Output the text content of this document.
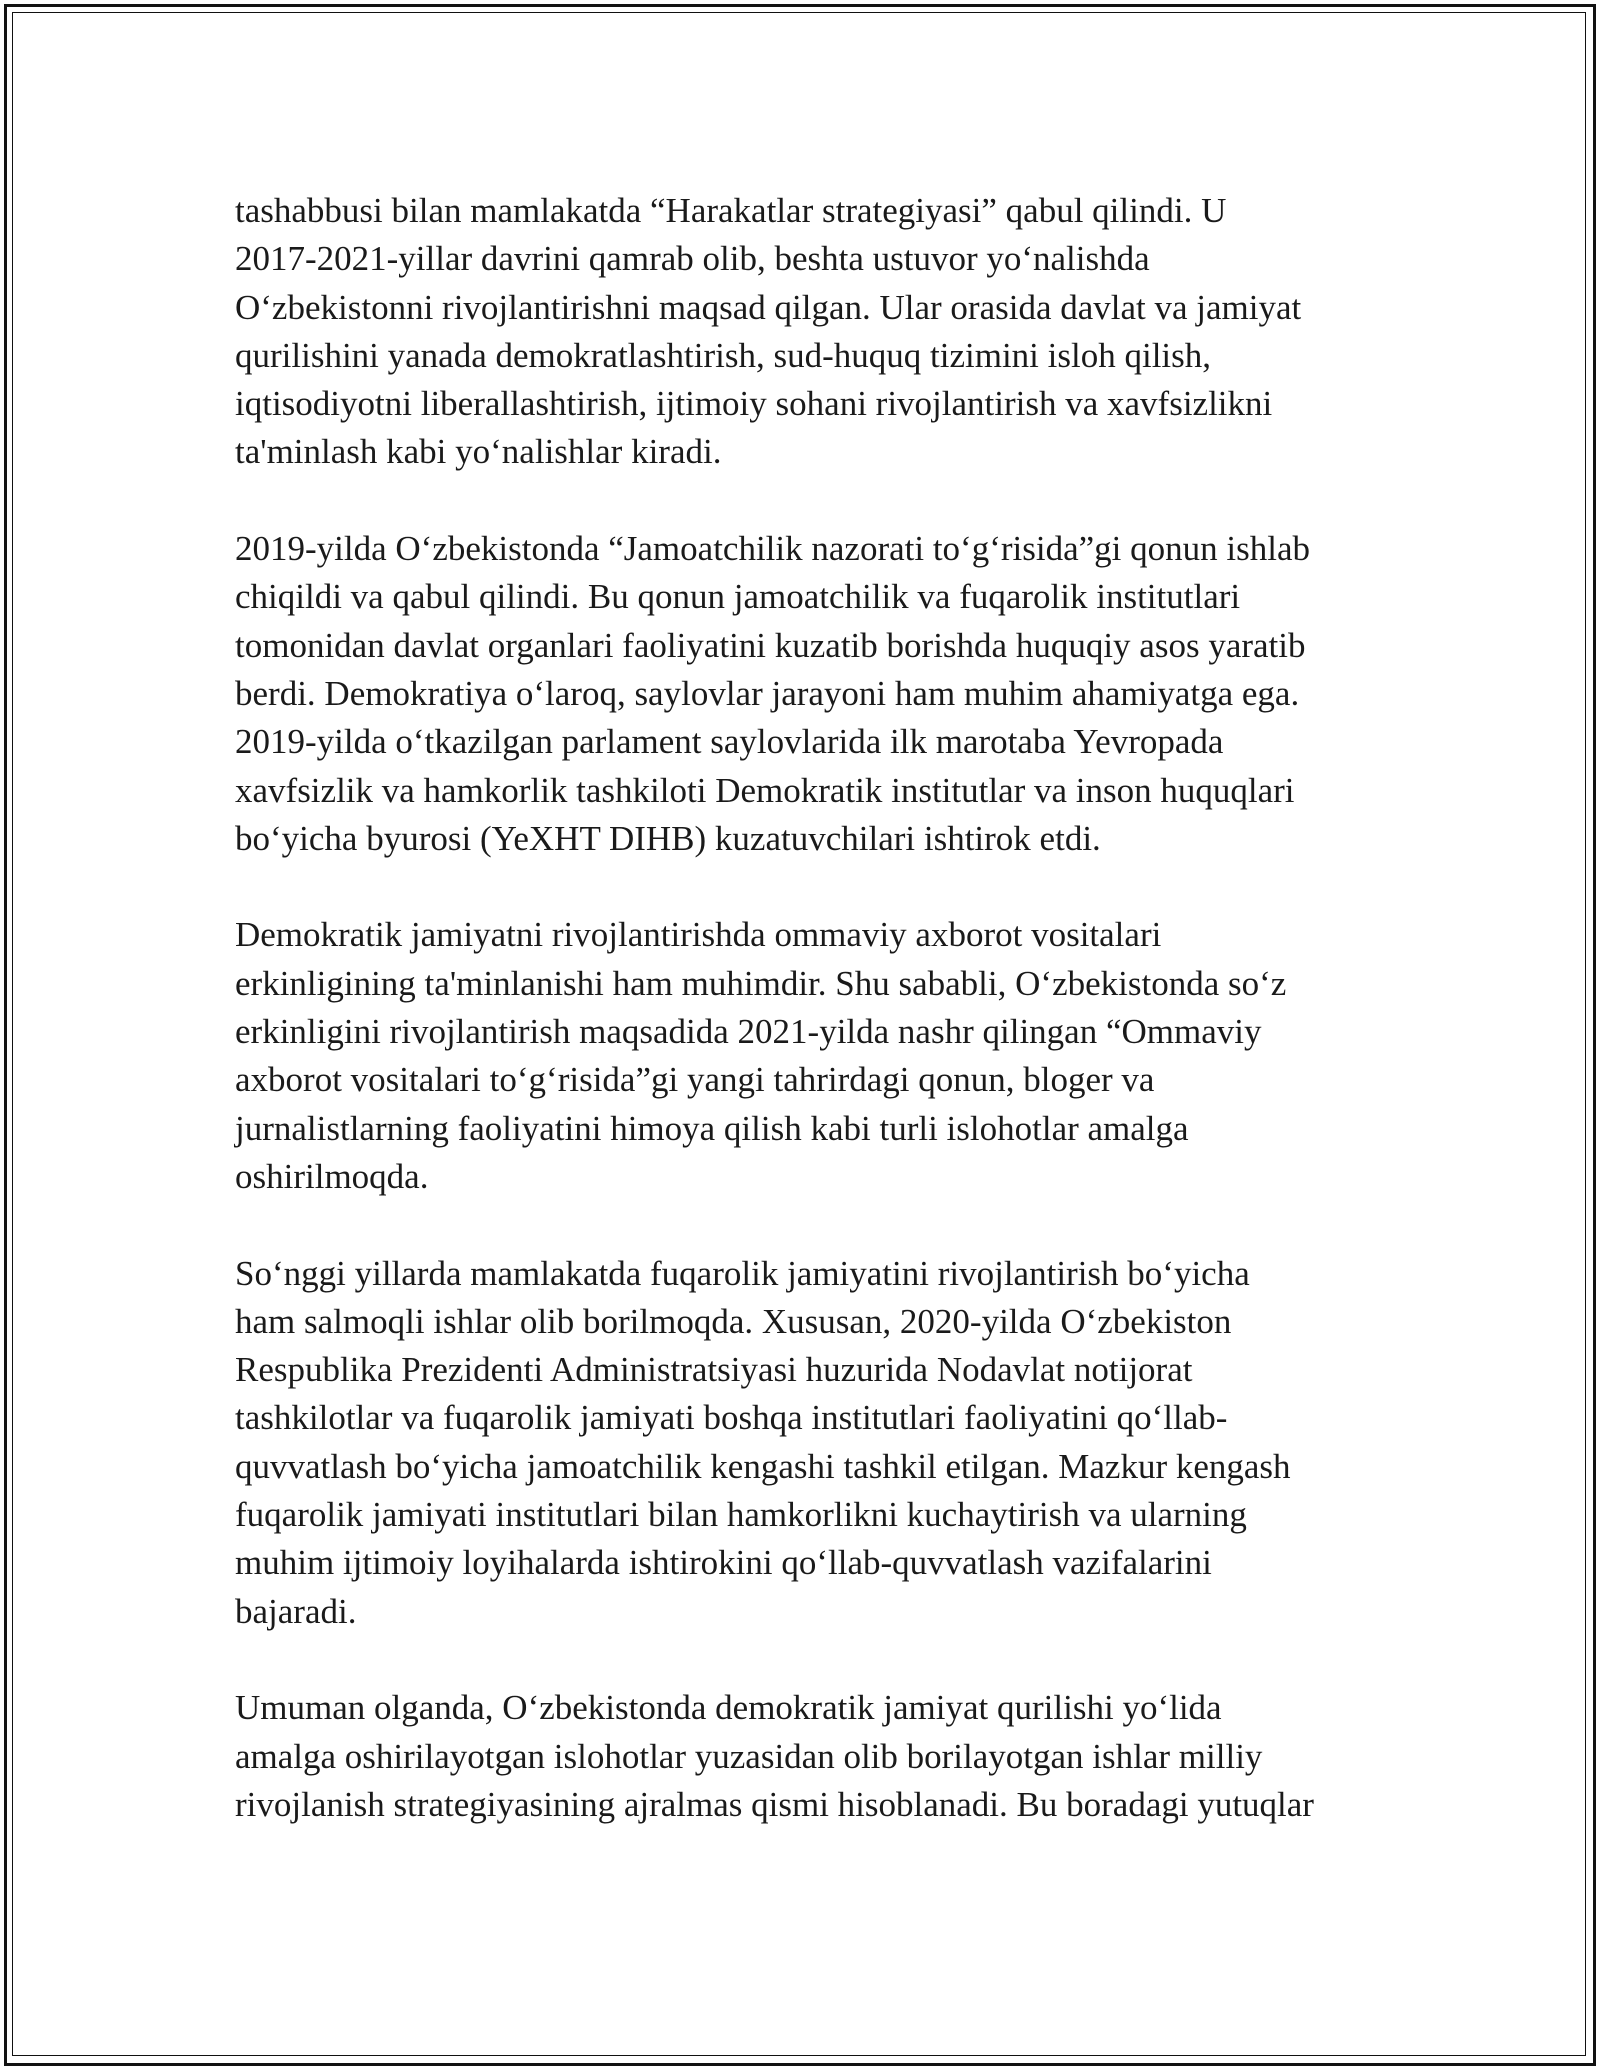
tashabbusi bilan mamlakatda “Harakatlar strategiyasi” qabul qilindi. U
2017-2021-yillar davrini qamrab olib, beshta ustuvor yo‘nalishda
O‘zbekistonni rivojlantirishni maqsad qilgan. Ular orasida davlat va jamiyat
qurilishini yanada demokratlashtirish, sud-huquq tizimini isloh qilish,
iqtisodiyotni liberallashtirish, ijtimoiy sohani rivojlantirish va xavfsizlikni
ta'minlash kabi yo‘nalishlar kiradi.

2019-yilda O‘zbekistonda “Jamoatchilik nazorati to‘g‘risida”gi qonun ishlab
chiqildi va qabul qilindi. Bu qonun jamoatchilik va fuqarolik institutlari
tomonidan davlat organlari faoliyatini kuzatib borishda huquqiy asos yaratib
berdi. Demokratiya o‘laroq, saylovlar jarayoni ham muhim ahamiyatga ega.
2019-yilda o‘tkazilgan parlament saylovlarida ilk marotaba Yevropada
xavfsizlik va hamkorlik tashkiloti Demokratik institutlar va inson huquqlari
bo‘yicha byurosi (YeXHT DIHB) kuzatuvchilari ishtirok etdi.

Demokratik jamiyatni rivojlantirishda ommaviy axborot vositalari
erkinligining ta'minlanishi ham muhimdir. Shu sababli, O‘zbekistonda so‘z
erkinligini rivojlantirish maqsadida 2021-yilda nashr qilingan “Ommaviy
axborot vositalari to‘g‘risida”gi yangi tahrirdagi qonun, bloger va
jurnalistlarning faoliyatini himoya qilish kabi turli islohotlar amalga
oshirilmoqda.

So‘nggi yillarda mamlakatda fuqarolik jamiyatini rivojlantirish bo‘yicha
ham salmoqli ishlar olib borilmoqda. Xususan, 2020-yilda O‘zbekiston
Respublika Prezidenti Administratsiyasi huzurida Nodavlat notijorat
tashkilotlar va fuqarolik jamiyati boshqa institutlari faoliyatini qo‘llab-
quvvatlash bo‘yicha jamoatchilik kengashi tashkil etilgan. Mazkur kengash
fuqarolik jamiyati institutlari bilan hamkorlikni kuchaytirish va ularning
muhim ijtimoiy loyihalarda ishtirokini qo‘llab-quvvatlash vazifalarini
bajaradi.

Umuman olganda, O‘zbekistonda demokratik jamiyat qurilishi yo‘lida
amalga oshirilayotgan islohotlar yuzasidan olib borilayotgan ishlar milliy
rivojlanish strategiyasining ajralmas qismi hisoblanadi. Bu boradagi yutuqlar
